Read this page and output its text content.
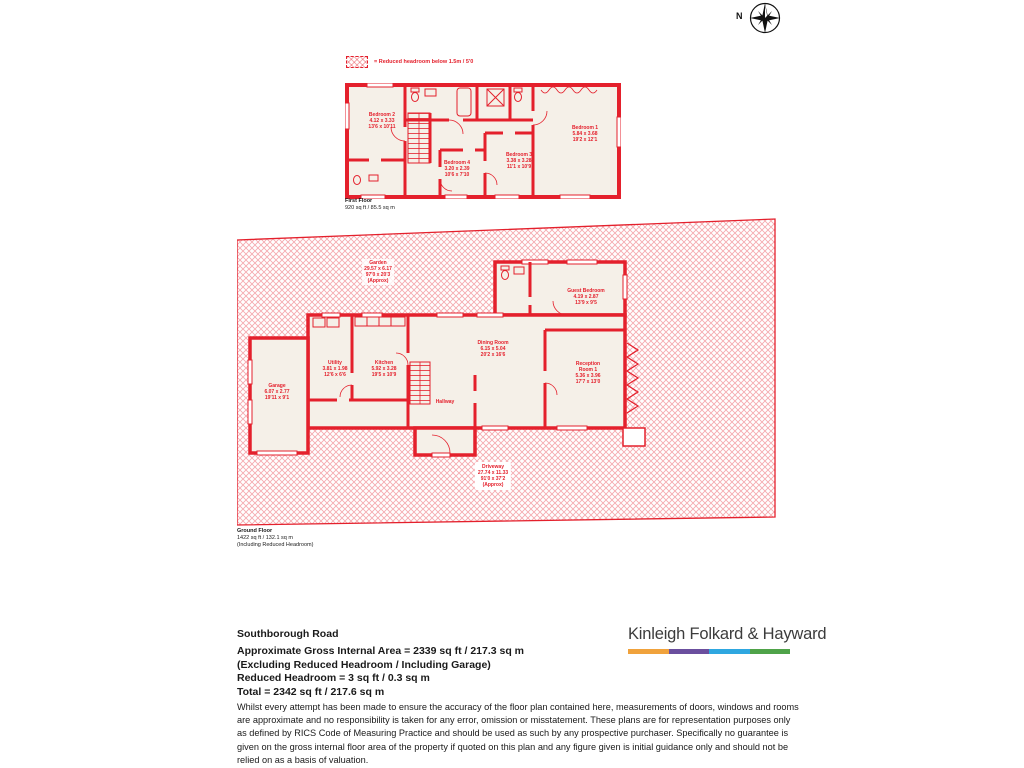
N
= Reduced headroom below 1.5m / 5'0
Bedroom 2
4.12 x 3.33
13'6 x 10'11	Bedroom 1
5.84 x 3.68
19'2 x 12'1
Bedroom 4
3.20 x 2.39
10'6 x 7'10
Bedroom 3
3.38 x 3.28
11'1 x 10'9
First Floor
920 sq ft / 85.5 sq m
Garden
29.57 x 6.17
97'0 x 20'3
(Approx)
Guest Bedroom
4.19 x 2.87
13'9 x 9'5
Dining Room
6.15 x 5.04
20'2 x 16'6
Utility
3.81 x 1.98
12'6 x 6'6
Kitchen
5.92 x 3.28
19'5 x 10'9
Reception Room 1
5.36 x 3.96
17'7 x 13'0
Garage
6.07 x 2.77
19'11 x 9'1
Hallway
Driveway
27.74 x 11.33
91'0 x 37'2
(Approx)
Ground Floor
1422 sq ft / 132.1 sq m
(Including Reduced Headroom)
Southborough Road
Approximate Gross Internal Area = 2339 sq ft / 217.3 sq m
(Excluding Reduced Headroom / Including Garage)
Reduced Headroom = 3 sq ft / 0.3 sq m
Total = 2342 sq ft / 217.6 sq m
Whilst every attempt has been made to ensure the accuracy of the floor plan contained here, measurements of doors, windows and rooms are approximate and no responsibility is taken for any error, omission or misstatement. These plans are for representation purposes only as defined by RICS Code of Measuring Practice and should be used as such by any prospective purchaser. Specifically no guarantee is given on the gross internal floor area of the property if quoted on this plan and any figure given is initial guidance only and should not be relied on as a basis of valuation.
Kinleigh Folkard & Hayward
